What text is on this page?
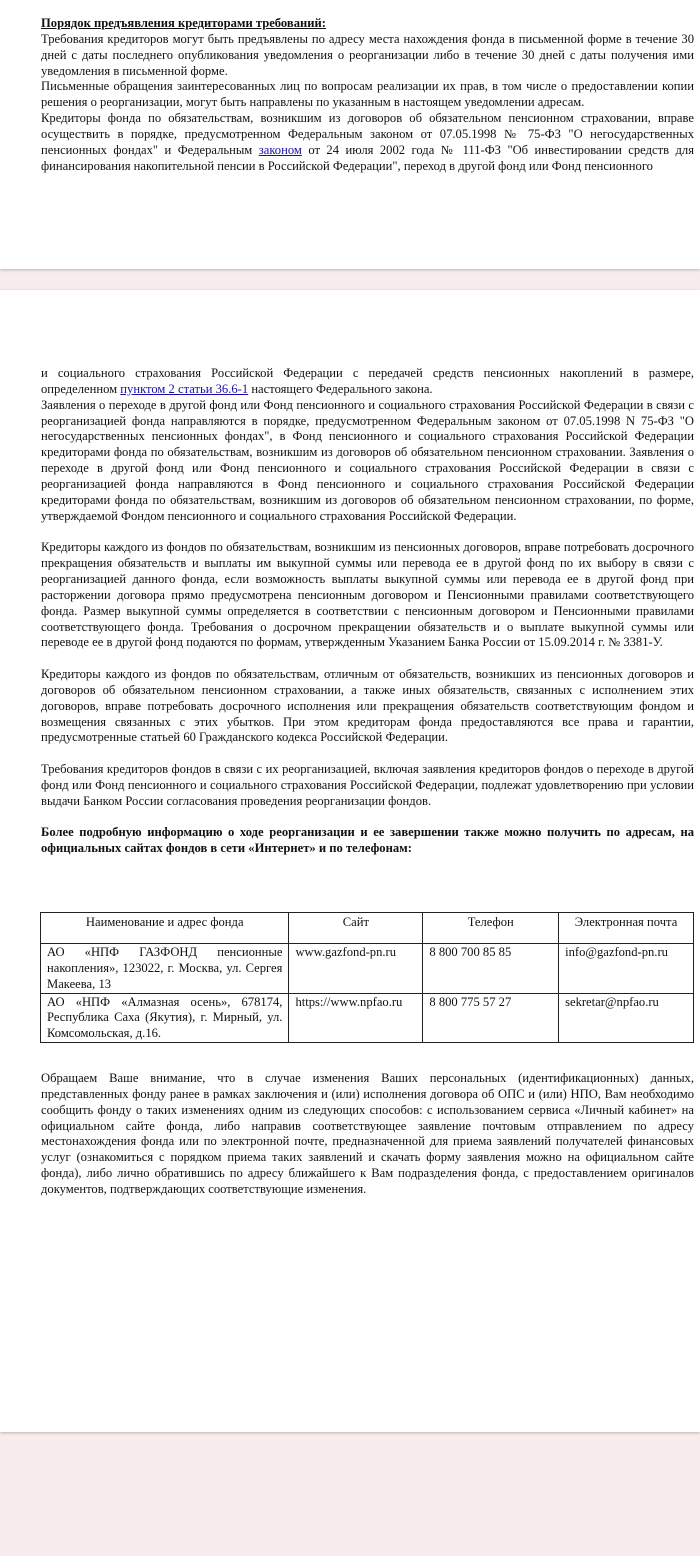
Порядок предъявления кредиторами требований:

Требования кредиторов могут быть предъявлены по адресу места нахождения фонда в письменной форме в течение 30 дней с даты последнего опубликования уведомления о реорганизации либо в течение 30 дней с даты получения ими уведомления в письменной форме.

Письменные обращения заинтересованных лиц по вопросам реализации их прав, в том числе о предоставлении копии решения о реорганизации, могут быть направлены по указанным в настоящем уведомлении адресам.

Кредиторы фонда по обязательствам, возникшим из договоров об обязательном пенсионном страховании, вправе осуществить в порядке, предусмотренном Федеральным законом от 07.05.1998 № 75-ФЗ "О негосударственных пенсионных фондах" и Федеральным законом от 24 июля 2002 года № 111-ФЗ "Об инвестировании средств для финансирования накопительной пенсии в Российской Федерации", переход в другой фонд или Фонд пенсионного

и социального страхования Российской Федерации с передачей средств пенсионных накоплений в размере, определенном пунктом 2 статьи 36.6-1 настоящего Федерального закона.

Заявления о переходе в другой фонд или Фонд пенсионного и социального страхования Российской Федерации в связи с реорганизацией фонда направляются в порядке, предусмотренном Федеральным законом от 07.05.1998 N 75-ФЗ "О негосударственных пенсионных фондах", в Фонд пенсионного и социального страхования Российской Федерации кредиторами фонда по обязательствам, возникшим из договоров об обязательном пенсионном страховании. Заявления о переходе в другой фонд или Фонд пенсионного и социального страхования Российской Федерации в связи с реорганизацией фонда направляются в Фонд пенсионного и социального страхования Российской Федерации кредиторами фонда по обязательствам, возникшим из договоров об обязательном пенсионном страховании, по форме, утверждаемой Фондом пенсионного и социального страхования Российской Федерации.

Кредиторы каждого из фондов по обязательствам, возникшим из пенсионных договоров, вправе потребовать досрочного прекращения обязательств и выплаты им выкупной суммы или перевода ее в другой фонд по их выбору в связи с реорганизацией данного фонда, если возможность выплаты выкупной суммы или перевода ее в другой фонд при расторжении договора прямо предусмотрена пенсионным договором и Пенсионными правилами соответствующего фонда. Размер выкупной суммы определяется в соответствии с пенсионным договором и Пенсионными правилами соответствующего фонда. Требования о досрочном прекращении обязательств и о выплате выкупной суммы или переводе ее в другой фонд подаются по формам, утвержденным Указанием Банка России от 15.09.2014 г. № 3381-У.

Кредиторы каждого из фондов по обязательствам, отличным от обязательств, возникших из пенсионных договоров и договоров об обязательном пенсионном страховании, а также иных обязательств, связанных с исполнением этих договоров, вправе потребовать досрочного исполнения или прекращения обязательств соответствующим фондом и возмещения связанных с этих убытков. При этом кредиторам фонда предоставляются все права и гарантии, предусмотренные статьей 60 Гражданского кодекса Российской Федерации.

Требования кредиторов фондов в связи с их реорганизацией, включая заявления кредиторов фондов о переходе в другой фонд или Фонд пенсионного и социального страхования Российской Федерации, подлежат удовлетворению при условии выдачи Банком России согласования проведения реорганизации фондов.

Более подробную информацию о ходе реорганизации и ее завершении также можно получить по адресам, на официальных сайтах фондов в сети «Интернет» и по телефонам:

Наименование и адрес фонда	Сайт	Телефон	Электронная почта
АО «НПФ ГАЗФОНД пенсионные накопления», 123022, г. Москва, ул. Сергея Макеева, 13	www.gazfond-pn.ru	8 800 700 85 85	info@gazfond-pn.ru
АО «НПФ «Алмазная осень», 678174, Республика Саха (Якутия), г. Мирный, ул. Комсомольская, д.16.	https://www.npfao.ru	8 800 775 57 27	sekretar@npfao.ru

Обращаем Ваше внимание, что в случае изменения Ваших персональных (идентификационных) данных, представленных фонду ранее в рамках заключения и (или) исполнения договора об ОПС и (или) НПО, Вам необходимо сообщить фонду о таких изменениях одним из следующих способов: с использованием сервиса «Личный кабинет» на официальном сайте фонда, либо направив соответствующее заявление почтовым отправлением по адресу местонахождения фонда или по электронной почте, предназначенной для приема заявлений получателей финансовых услуг (ознакомиться с порядком приема таких заявлений и скачать форму заявления можно на официальном сайте фонда), либо лично обратившись по адресу ближайшего к Вам подразделения фонда, с предоставлением оригиналов документов, подтверждающих соответствующие изменения.
